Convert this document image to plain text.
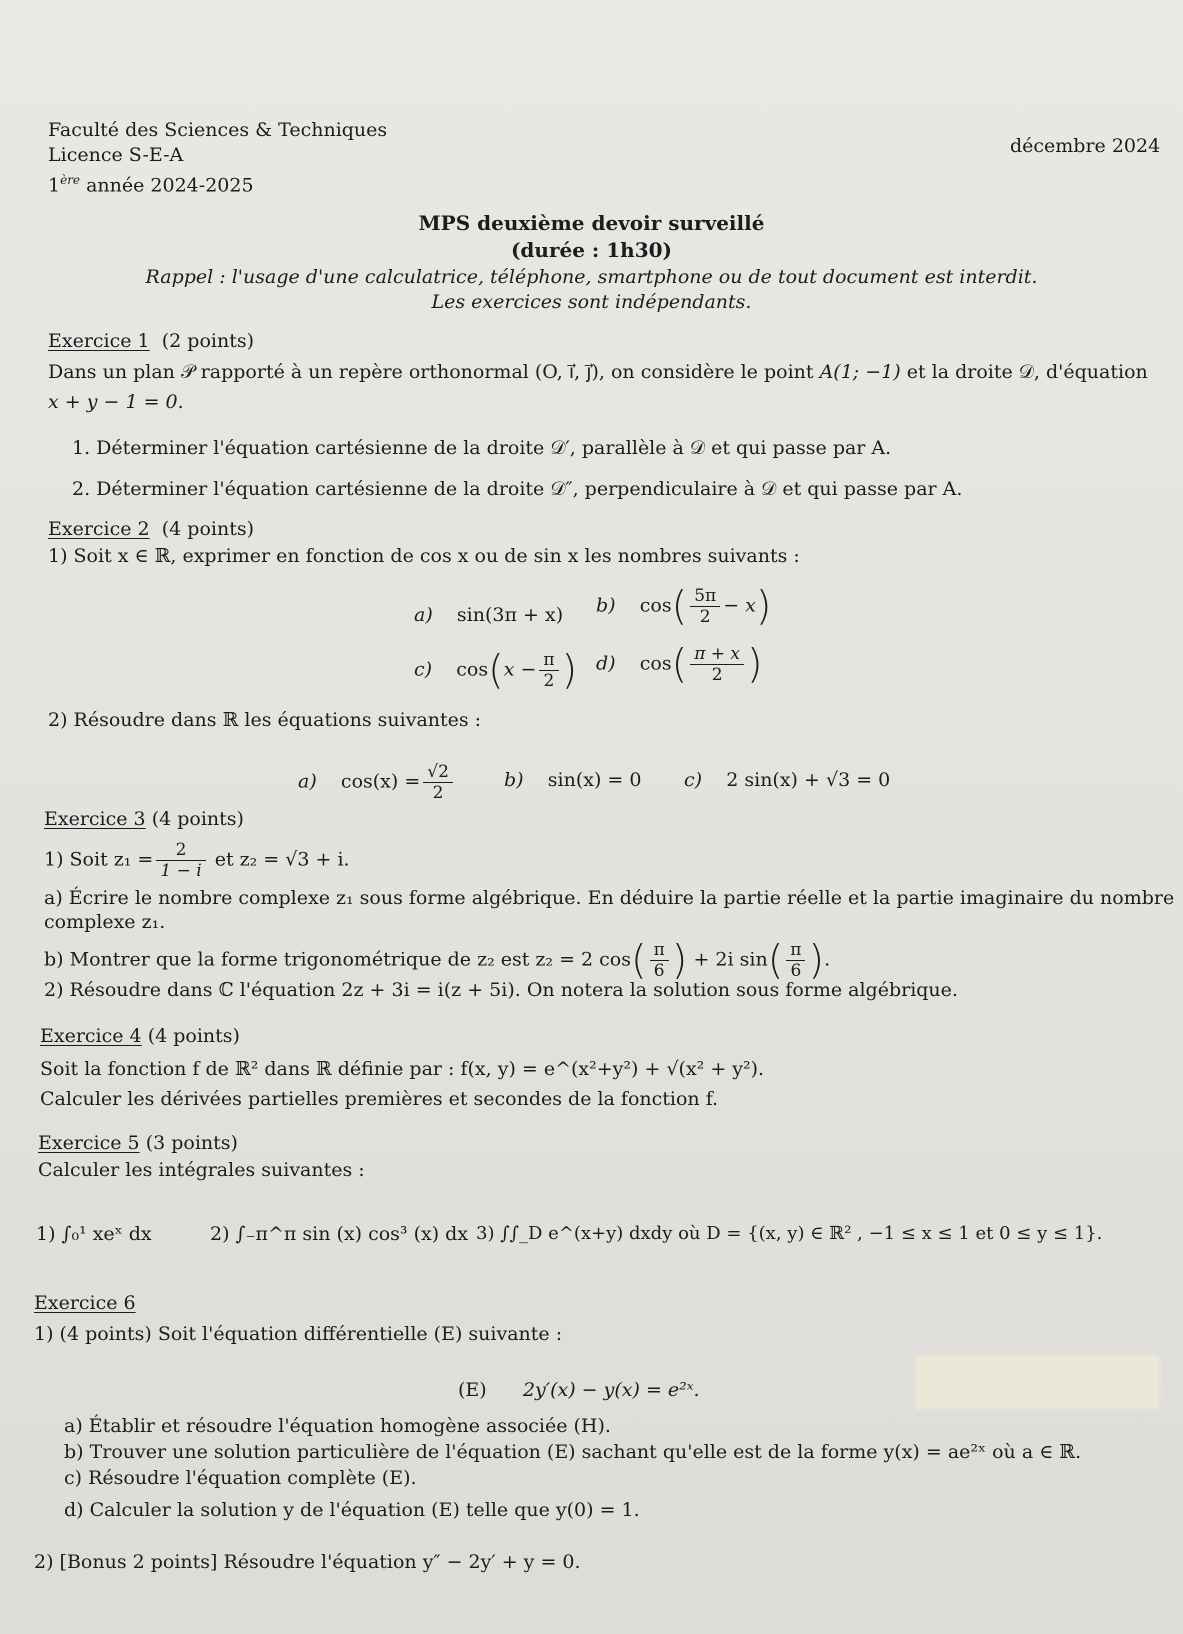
Faculté des Sciences & Techniques
Licence S-E-A
1ère année 2024-2025
décembre 2024
MPS deuxième devoir surveillé
(durée : 1h30)
Rappel : l'usage d'une calculatrice, téléphone, smartphone ou de tout document est interdit.
Les exercices sont indépendants.
Exercice 1 (2 points)
Dans un plan 𝒫 rapporté à un repère orthonormal (O, i⃗, j⃗), on considère le point A(1; −1) et la droite 𝒟, d'équation
x + y − 1 = 0.
1. Déterminer l'équation cartésienne de la droite 𝒟′, parallèle à 𝒟 et qui passe par A.
2. Déterminer l'équation cartésienne de la droite 𝒟″, perpendiculaire à 𝒟 et qui passe par A.
Exercice 2 (4 points)
1) Soit x ∈ ℝ, exprimer en fonction de cos x ou de sin x les nombres suivants :
a) sin(3π + x) b) $\cos( \frac{5\pi}{2} - x)$
c) $\cos(x - \frac{\pi}{2}$ ) d) $\cos( \frac{\pi + x}{2}$ )
2) Résoudre dans ℝ les équations suivantes :
a) $\cos(x) = \frac{√2}{2}$	b) sin(x) = 0 c) 2 sin(x) + √3 = 0
Exercice 3 (4 points)
1) Soit $z_1 = \frac{2}{1 - i}$ et z₂ = √3 + i.
a) Écrire le nombre complexe z₁ sous forme algébrique. En déduire la partie réelle et la partie imaginaire du nombre
complexe z₁.
b) Montrer que la forme trigonométrique de z₂ est z₂ = 2 $\cos( \frac{\pi}{6}$ ) + 2i $\sin( \frac{\pi}{6}$ ).
2) Résoudre dans ℂ l'équation 2z + 3i = i(z + 5i). On notera la solution sous forme algébrique.
Exercice 4 (4 points)
Soit la fonction f de ℝ² dans ℝ définie par : f(x, y) = e^(x²+y²) + √(x² + y²).
Calculer les dérivées partielles premières et secondes de la fonction f.
Exercice 5 (3 points)
Calculer les intégrales suivantes :
1) ∫₀¹ xeˣ dx	2) ∫₋π^π sin (x) cos³ (x) dx 3) ∫∫_D e^(x+y) dxdy où D = {(x, y) ∈ ℝ² , −1 ≤ x ≤ 1 et 0 ≤ y ≤ 1}.
Exercice 6
1) (4 points) Soit l'équation différentielle (E) suivante :
(E) 2y′(x) − y(x) = e²ˣ.
a) Établir et résoudre l'équation homogène associée (H).
b) Trouver une solution particulière de l'équation (E) sachant qu'elle est de la forme y(x) = ae²ˣ où a ∈ ℝ.
c) Résoudre l'équation complète (E).
d) Calculer la solution y de l'équation (E) telle que y(0) = 1.
2) [Bonus 2 points] Résoudre l'équation y″ − 2y′ + y = 0.
